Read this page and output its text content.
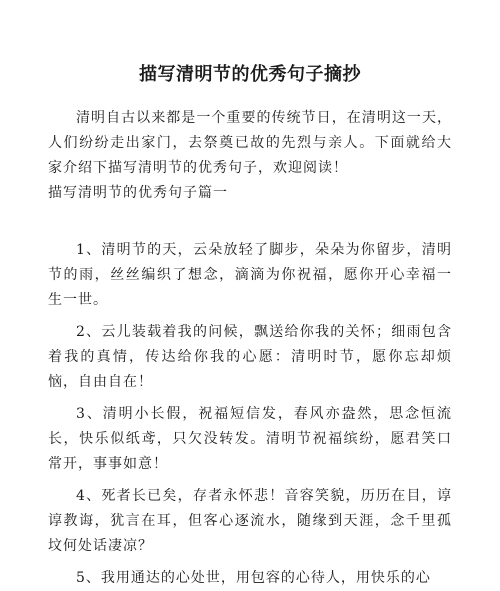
描写清明节的优秀句子摘抄

清明自古以来都是一个重要的传统节日，在清明这一天，人们纷纷走出家门，去祭奠已故的先烈与亲人。下面就给大家介绍下描写清明节的优秀句子，欢迎阅读！

描写清明节的优秀句子篇一

1、清明节的天，云朵放轻了脚步，朵朵为你留步，清明节的雨，丝丝编织了想念，滴滴为你祝福，愿你开心幸福一生一世。

2、云儿装载着我的问候，飘送给你我的关怀；细雨包含着我的真情，传达给你我的心愿：清明时节，愿你忘却烦恼，自由自在！

3、清明小长假，祝福短信发，春风亦盎然，思念恒流长，快乐似纸鸢，只欠没转发。清明节祝福缤纷，愿君笑口常开，事事如意！

4、死者长已矣，存者永怀悲！音容笑貌，历历在目，谆谆教诲，犹言在耳，但客心逐流水，随缘到天涯，念千里孤坟何处话凄凉？

5、我用通达的心处世，用包容的心待人，用快乐的心
